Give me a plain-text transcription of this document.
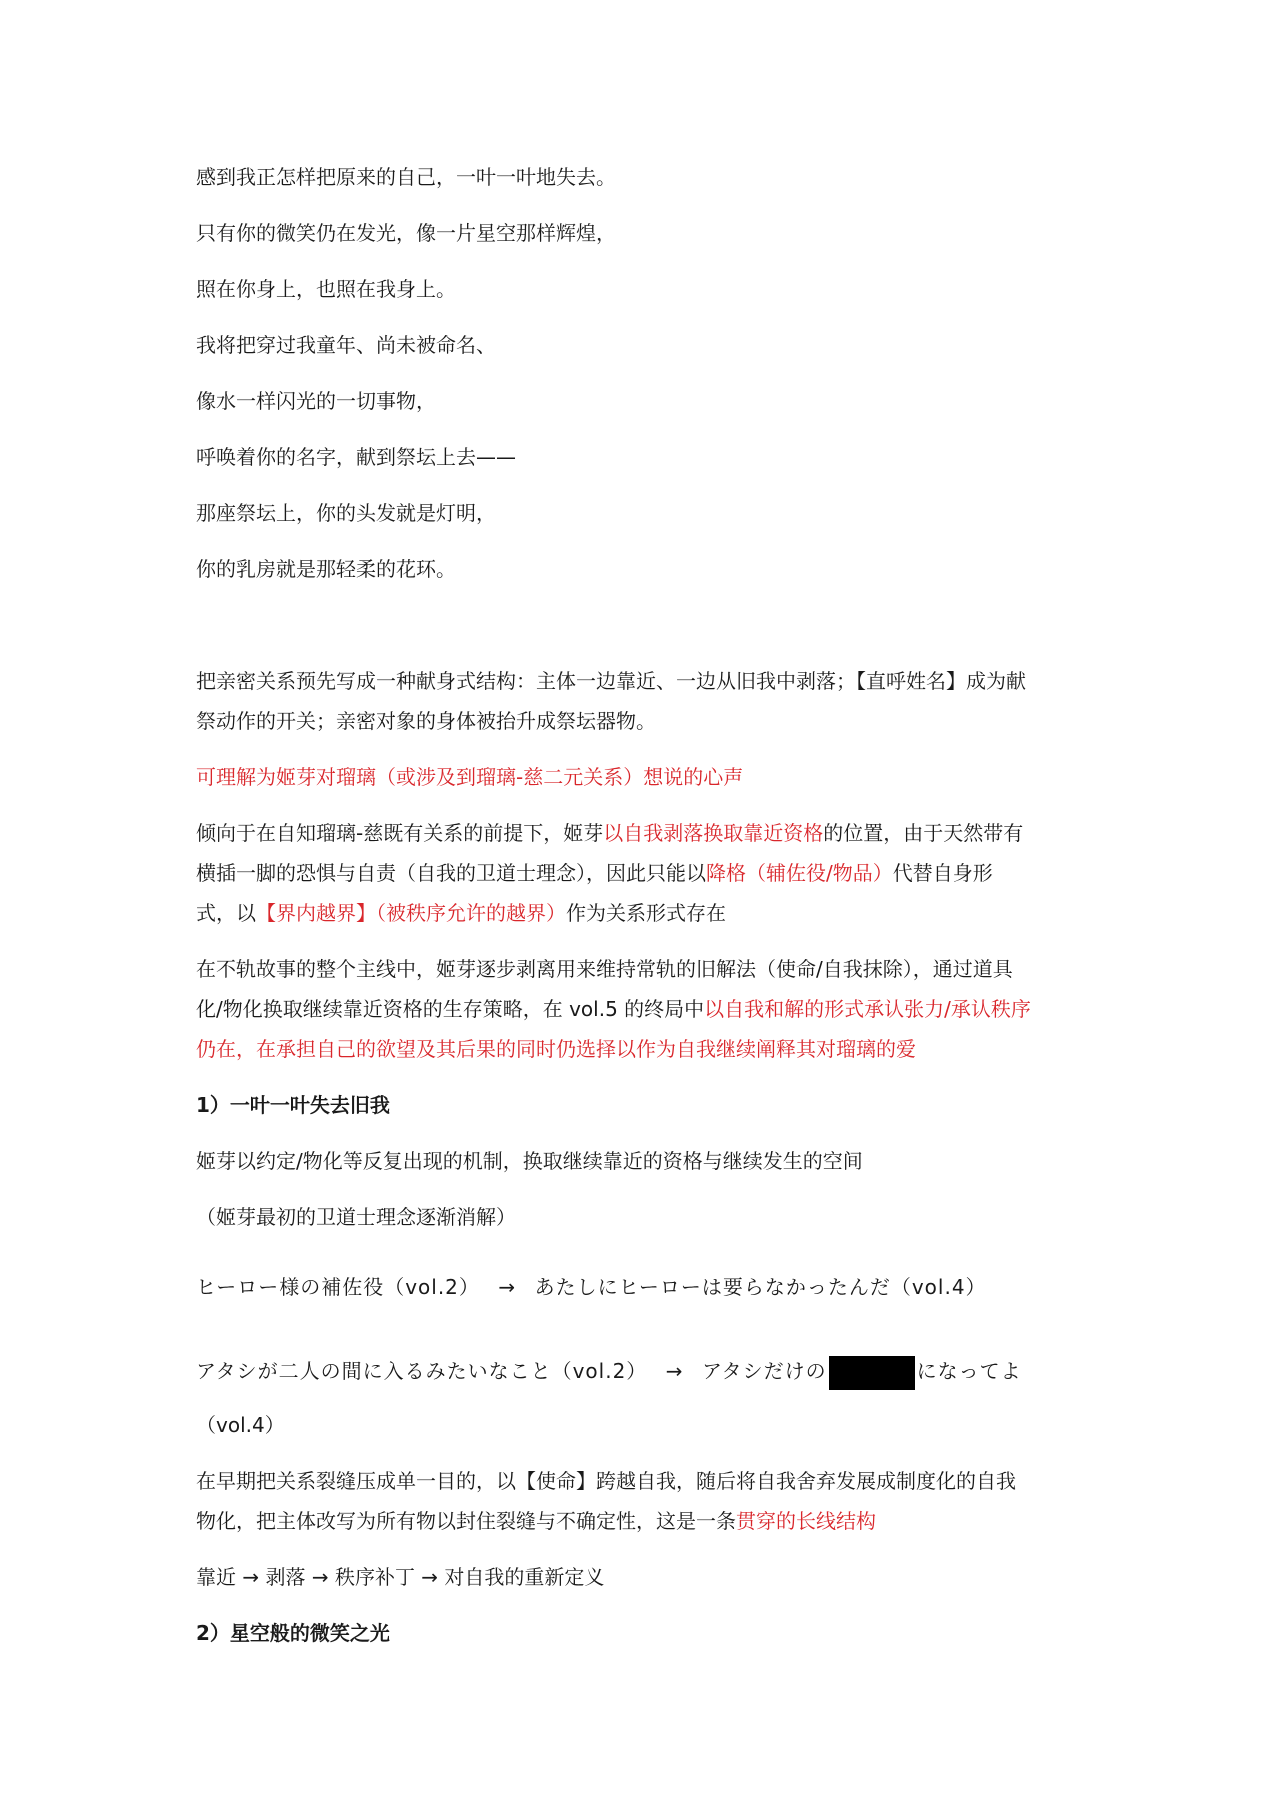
感到我正怎样把原来的自己，一叶一叶地失去。
只有你的微笑仍在发光，像一片星空那样辉煌，
照在你身上，也照在我身上。
我将把穿过我童年、尚未被命名、
像水一样闪光的一切事物，
呼唤着你的名字，献到祭坛上去——
那座祭坛上，你的头发就是灯明，
你的乳房就是那轻柔的花环。
把亲密关系预先写成一种献身式结构：主体一边靠近、一边从旧我中剥落；【直呼姓名】成为献
祭动作的开关；亲密对象的身体被抬升成祭坛器物。
可理解为姬芽对瑠璃（或涉及到瑠璃-慈二元关系）想说的心声
倾向于在自知瑠璃-慈既有关系的前提下，姬芽以自我剥落换取靠近资格的位置，由于天然带有
横插一脚的恐惧与自责（自我的卫道士理念），因此只能以降格（辅佐役/物品）代替自身形
式，以【界内越界】（被秩序允许的越界）作为关系形式存在
在不轨故事的整个主线中，姬芽逐步剥离用来维持常轨的旧解法（使命/自我抹除），通过道具
化/物化换取继续靠近资格的生存策略，在 vol.5 的终局中以自我和解的形式承认张力/承认秩序
仍在，在承担自己的欲望及其后果的同时仍选择以作为自我继续阐释其对瑠璃的爱
1）一叶一叶失去旧我
姬芽以约定/物化等反复出现的机制，换取继续靠近的资格与继续发生的空间
（姬芽最初的卫道士理念逐渐消解）
ヒーロー様の補佐役（vol.2） → あたしにヒーローは要らなかったんだ（vol.4）
アタシが二人の間に入るみたいなこと（vol.2） → アタシだけの	になってよ
（vol.4）
在早期把关系裂缝压成单一目的，以【使命】跨越自我，随后将自我舍弃发展成制度化的自我
物化，把主体改写为所有物以封住裂缝与不确定性，这是一条贯穿的长线结构
靠近 → 剥落 → 秩序补丁 → 对自我的重新定义
2）星空般的微笑之光
